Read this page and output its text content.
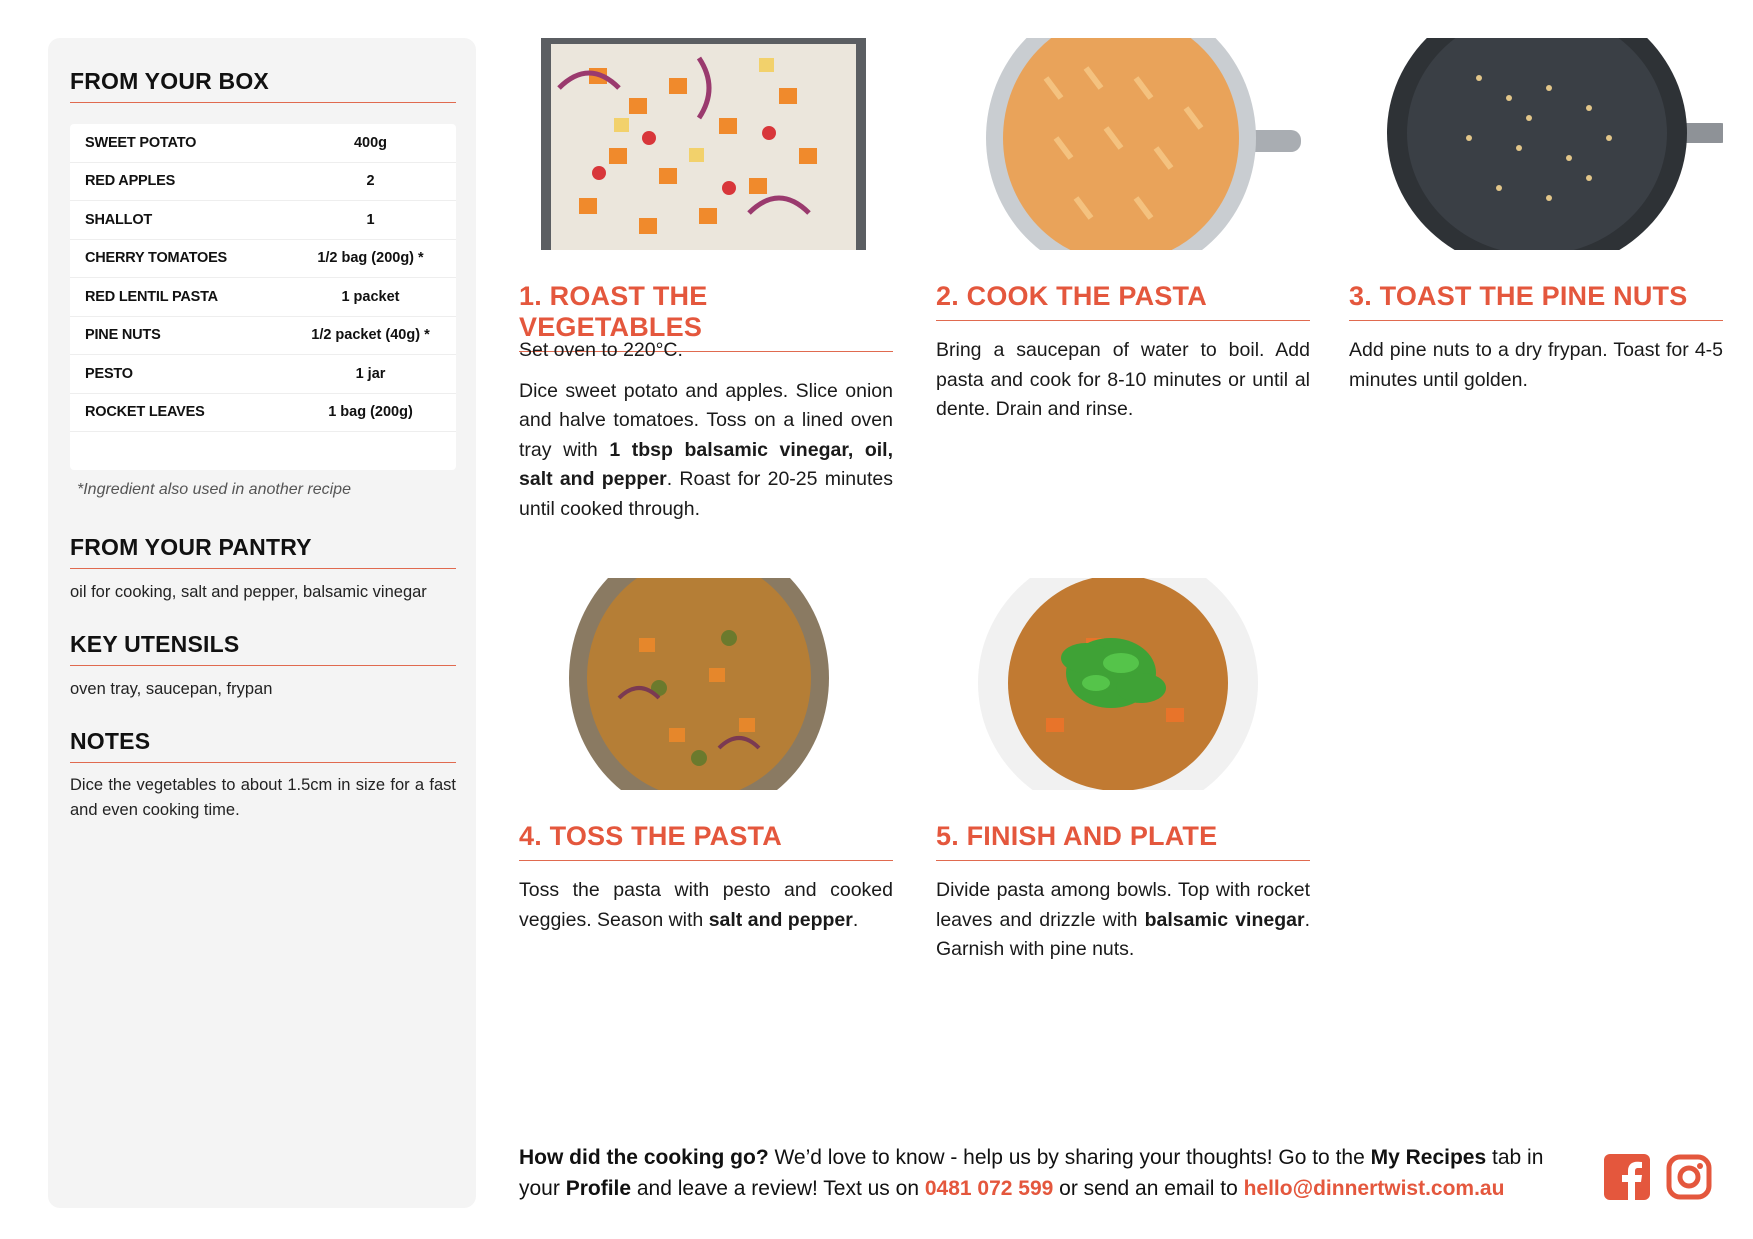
FROM YOUR BOX
SWEET POTATO	400g
RED APPLES	2
SHALLOT	1
CHERRY TOMATOES	1/2 bag (200g) *
RED LENTIL PASTA	1 packet
PINE NUTS	1/2 packet (40g) *
PESTO	1 jar
ROCKET LEAVES	1 bag (200g)
*Ingredient also used in another recipe
FROM YOUR PANTRY
oil for cooking, salt and pepper, balsamic vinegar
KEY UTENSILS
oven tray, saucepan, frypan
NOTES
Dice the vegetables to about 1.5cm in size for a fast and even cooking time.
1. ROAST THE VEGETABLES

Set oven to 220°C.

Dice sweet potato and apples. Slice onion and halve tomatoes. Toss on a lined oven tray with 1 tbsp balsamic vinegar, oil, salt and pepper. Roast for 20-25 minutes until cooked through.

2. COOK THE PASTA

Bring a saucepan of water to boil. Add pasta and cook for 8-10 minutes or until al dente. Drain and rinse.

3. TOAST THE PINE NUTS

Add pine nuts to a dry frypan. Toast for 4-5 minutes until golden.

4. TOSS THE PASTA

Toss the pasta with pesto and cooked veggies. Season with salt and pepper.

5. FINISH AND PLATE

Divide pasta among bowls. Top with rocket leaves and drizzle with balsamic vinegar. Garnish with pine nuts.

How did the cooking go? We’d love to know - help us by sharing your thoughts! Go to the My Recipes tab in your Profile and leave a review! Text us on 0481 072 599 or send an email to hello@dinnertwist.com.au
